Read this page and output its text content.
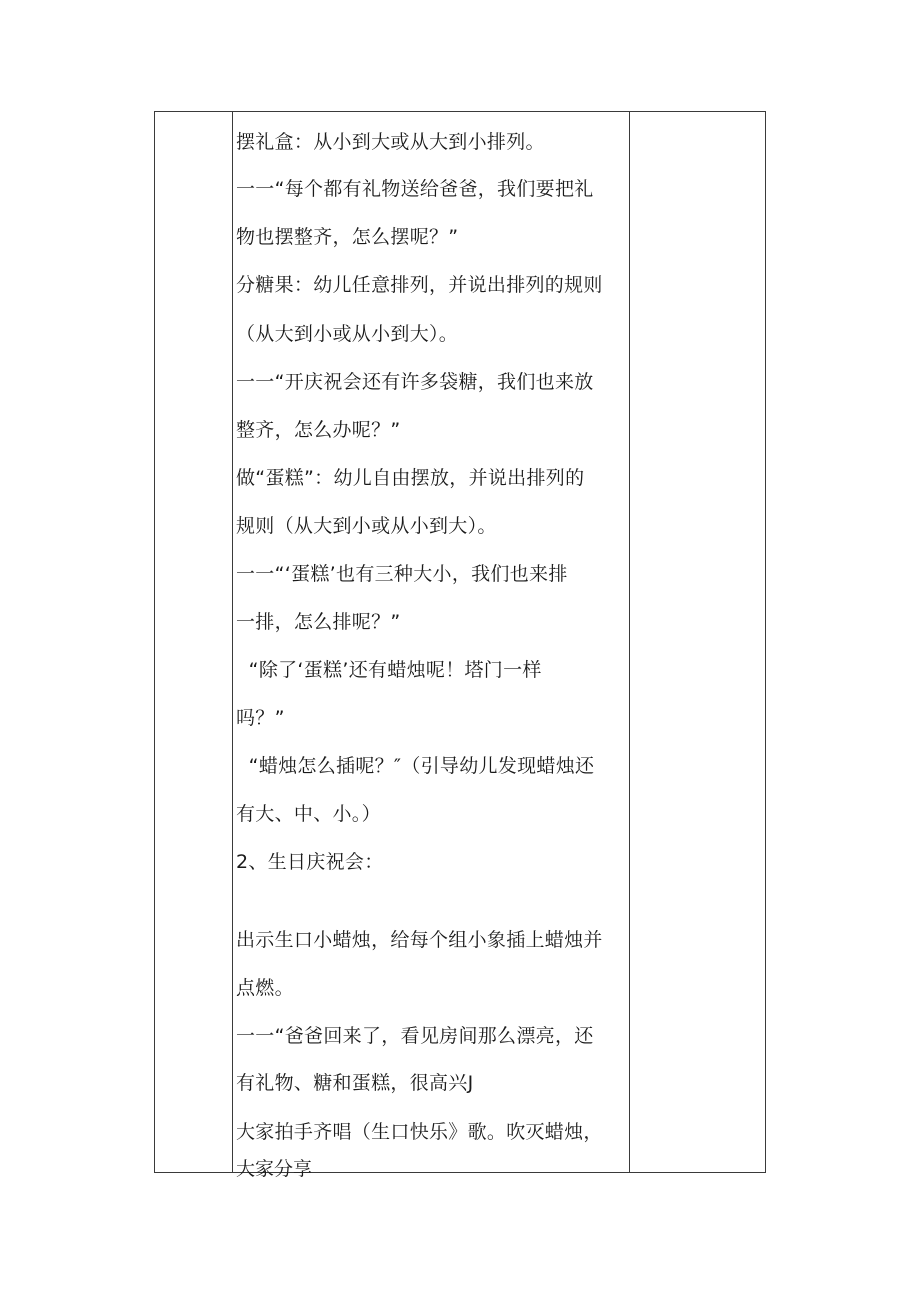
摆礼盒：从小到大或从大到小排列。
一一“每个都有礼物送给爸爸，我们要把礼
物也摆整齐，怎么摆呢？”
分糖果：幼儿任意排列，并说出排列的规则
（从大到小或从小到大）。
一一“开庆祝会还有许多袋糖，我们也来放
整齐，怎么办呢？”
做“蛋糕”：幼儿自由摆放，并说出排列的
规则（从大到小或从小到大）。
一一“‘蛋糕’也有三种大小，我们也来排
一排，怎么排呢？”
“除了‘蛋糕’还有蜡烛呢！塔门一样
吗？”
“蜡烛怎么插呢？″（引导幼儿发现蜡烛还
有大、中、小。）
2、生日庆祝会：
出示生口小蜡烛，给每个组小象插上蜡烛并
点燃。
一一“爸爸回来了，看见房间那么漂亮，还
有礼物、糖和蛋糕，很高兴J
大家拍手齐唱（生口快乐》歌。吹灭蜡烛，
大家分享
